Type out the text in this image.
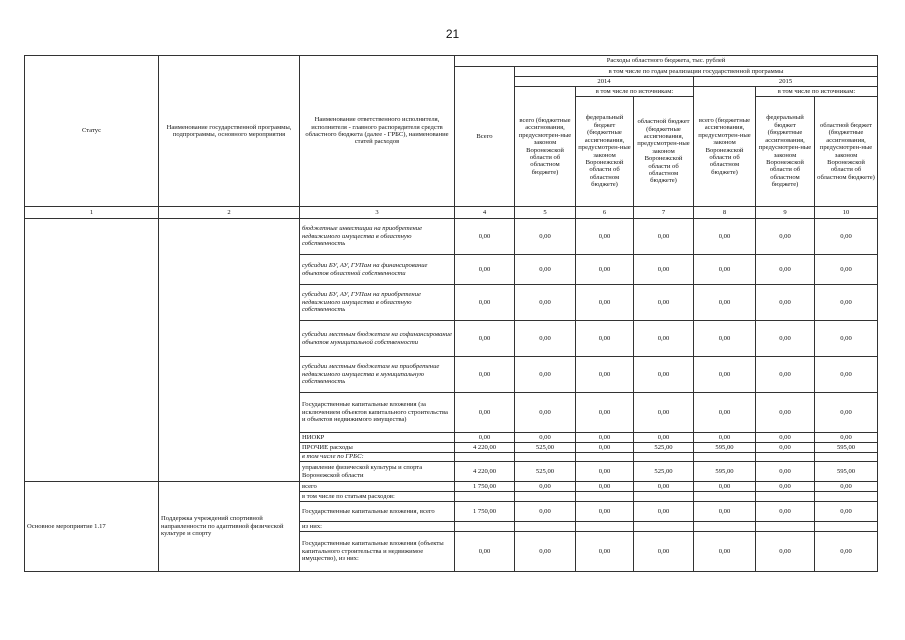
21
Статус	Наименование государственной программы, подпрограммы, основного мероприятия	Наименование ответственного исполнителя, исполнителя - главного распорядителя средств областного бюджета (далее - ГРБС), наименование статей расходов	Расходы областного бюджета, тыс. рублей						
			Всего	в том числе по годам реализации государственной программы					
				2014			2015		
				всего (бюджетные ассигнования, предусмотрен-ные законом Воронежской области об областном бюджете)	в том числе по источникам:		всего (бюджетные ассигнования, предусмотрен-ные законом Воронежской области об областном бюджете)	в том числе по источникам:	
					федеральный бюджет (бюджетные ассигнования, предусмотрен-ные законом Воронежской области об областном бюджете)	областной бюджет (бюджетные ассигнования, предусмотрен-ные законом Воронежской области об областном бюджете)		федеральный бюджет (бюджетные ассигнования, предусмотрен-ные законом Воронежской области об областном бюджете)	областной бюджет (бюджетные ассигнования, предусмотрен-ные законом Воронежской области об областном бюджете)
1	2	3	4	5	6	7	8	9	10
		бюджетные инвестиции на приобретение недвижимого имущества в областную собственность	0,00	0,00	0,00	0,00	0,00	0,00	0,00
		субсидии БУ, АУ, ГУПам на финансирование объектов областной собственности	0,00	0,00	0,00	0,00	0,00	0,00	0,00
		субсидии БУ, АУ, ГУПам на приобретение недвижимого имущества в областную собственность	0,00	0,00	0,00	0,00	0,00	0,00	0,00
		субсидии местным бюджетам на софинансирование объектов муниципальной собственности	0,00	0,00	0,00	0,00	0,00	0,00	0,00
		субсидии местным бюджетам на приобретение недвижимого имущества в муниципальную собственность	0,00	0,00	0,00	0,00	0,00	0,00	0,00
		Государственные капитальные вложения (за исключением объектов капитального строительства и объектов недвижимого имущества)	0,00	0,00	0,00	0,00	0,00	0,00	0,00
		НИОКР	0,00	0,00	0,00	0,00	0,00	0,00	0,00
		ПРОЧИЕ расходы	4 220,00	525,00	0,00	525,00	595,00	0,00	595,00
		в том числе по ГРБС:							
		управление физической культуры и спорта Воронежской области	4 220,00	525,00	0,00	525,00	595,00	0,00	595,00
Основное мероприятие 1.17	Поддержка учреждений спортивной направленности по адаптивной физической культуре и спорту	всего	1 750,00	0,00	0,00	0,00	0,00	0,00	0,00
		в том числе по статьям расходов:							
		Государственные капитальные вложения, всего	1 750,00	0,00	0,00	0,00	0,00	0,00	0,00
		из них:							
		Государственные капитальные вложения (объекты капитального строительства и недвижимое имущество), из них:	0,00	0,00	0,00	0,00	0,00	0,00	0,00
